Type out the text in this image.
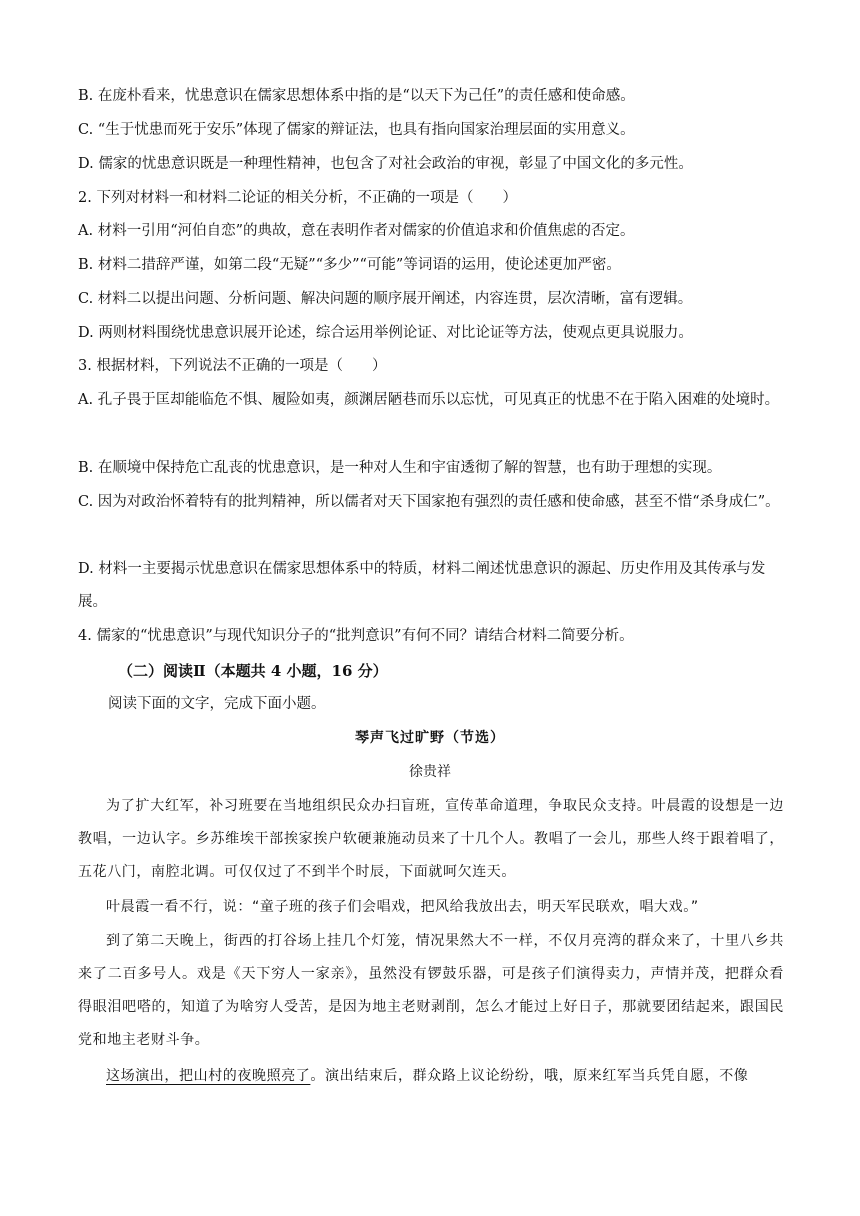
B. 在庞朴看来，忧患意识在儒家思想体系中指的是“以天下为己任”的责任感和使命感。

C. “生于忧患而死于安乐”体现了儒家的辩证法，也具有指向国家治理层面的实用意义。

D. 儒家的忧患意识既是一种理性精神，也包含了对社会政治的审视，彰显了中国文化的多元性。

2. 下列对材料一和材料二论证的相关分析，不正确的一项是（　　）

A. 材料一引用“河伯自恋”的典故，意在表明作者对儒家的价值追求和价值焦虑的否定。

B. 材料二措辞严谨，如第二段“无疑”“多少”“可能”等词语的运用，使论述更加严密。

C. 材料二以提出问题、分析问题、解决问题的顺序展开阐述，内容连贯，层次清晰，富有逻辑。

D. 两则材料围绕忧患意识展开论述，综合运用举例论证、对比论证等方法，使观点更具说服力。

3. 根据材料，下列说法不正确的一项是（　　）

A. 孔子畏于匡却能临危不惧、履险如夷，颜渊居陋巷而乐以忘忧，可见真正的忧患不在于陷入困难的处境时。

B. 在顺境中保持危亡乱丧的忧患意识，是一种对人生和宇宙透彻了解的智慧，也有助于理想的实现。

C. 因为对政治怀着特有的批判精神，所以儒者对天下国家抱有强烈的责任感和使命感，甚至不惜“杀身成仁”。

D. 材料一主要揭示忧患意识在儒家思想体系中的特质，材料二阐述忧患意识的源起、历史作用及其传承与发展。

4. 儒家的“忧患意识”与现代知识分子的“批判意识”有何不同？请结合材料二简要分析。

（二）阅读Ⅱ（本题共 4 小题，16 分）

阅读下面的文字，完成下面小题。

琴声飞过旷野（节选）

徐贵祥

为了扩大红军，补习班要在当地组织民众办扫盲班，宣传革命道理，争取民众支持。叶晨霞的设想是一边教唱，一边认字。乡苏维埃干部挨家挨户软硬兼施动员来了十几个人。教唱了一会儿，那些人终于跟着唱了，五花八门，南腔北调。可仅仅过了不到半个时辰，下面就呵欠连天。

叶晨霞一看不行，说：“童子班的孩子们会唱戏，把风给我放出去，明天军民联欢，唱大戏。”

到了第二天晚上，街西的打谷场上挂几个灯笼，情况果然大不一样，不仅月亮湾的群众来了，十里八乡共来了二百多号人。戏是《天下穷人一家亲》，虽然没有锣鼓乐器，可是孩子们演得卖力，声情并茂，把群众看得眼泪吧嗒的，知道了为啥穷人受苦，是因为地主老财剥削，怎么才能过上好日子，那就要团结起来，跟国民党和地主老财斗争。

这场演出，把山村的夜晚照亮了。演出结束后，群众路上议论纷纷，哦，原来红军当兵凭自愿，不像
